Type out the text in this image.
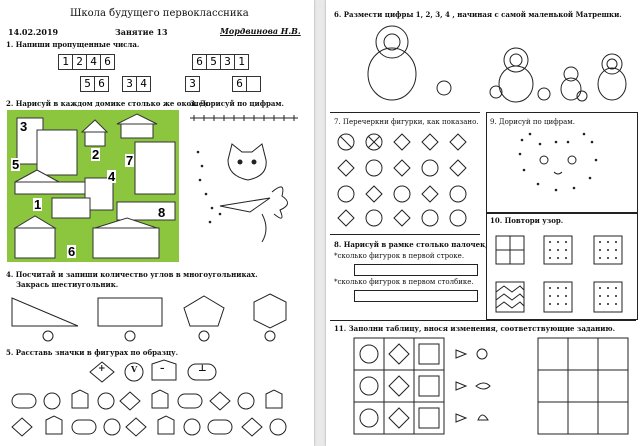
Школа будущего первоклассника
14.02.2019	Занятие 13	Мордвинова Н.В.
1. Напиши пропущенные числа.
1 2 4 6	6 5 3 1
5 6	3 4	3	6
2. Нарисуй в каждом домике столько же окошек.
3
5
2 7
4
1
8
6
3. Дорисуй по цифрам.
4. Посчитай и запиши количество углов в многоугольниках.
Закрась шестиугольник.
5. Расставь значки в фигурах по образцу.
+	V	–	⊥
6. Размести цифры 1, 2, 3, 4 , начиная с самой маленькой Матрешки.
7. Перечеркни фигурки, как показано. 9. Дорисуй по цифрам.
8. Нарисуй в рамке столько палочек,
*сколько фигурок в первой строке.
*сколько фигурок в первом столбике.
10. Повтори узор.
11. Заполни таблицу, внося изменения, соответствующие заданию.
